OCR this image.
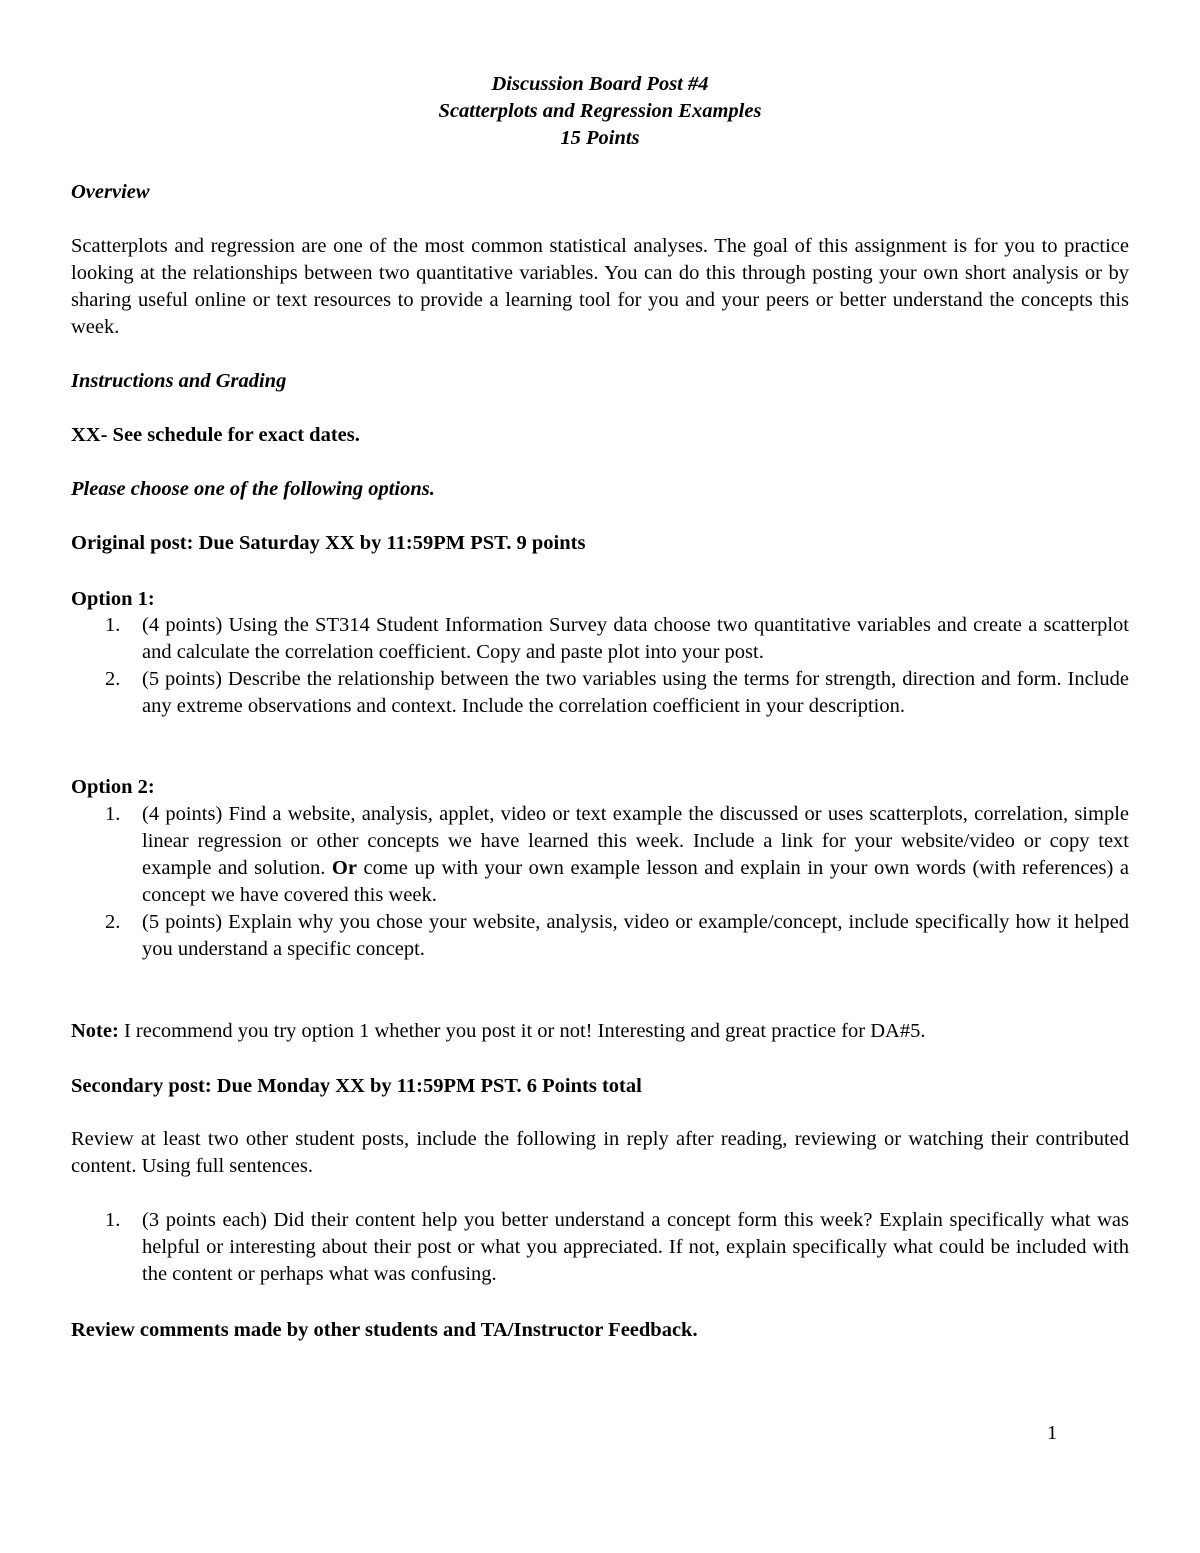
Discussion Board Post #4
Scatterplots and Regression Examples
15 Points
Overview
Scatterplots and regression are one of the most common statistical analyses. The goal of this assignment is for you to practice looking at the relationships between two quantitative variables. You can do this through posting your own short analysis or by sharing useful online or text resources to provide a learning tool for you and your peers or better understand the concepts this week.
Instructions and Grading
XX- See schedule for exact dates.
Please choose one of the following options.
Original post: Due Saturday XX by 11:59PM PST. 9 points
Option 1:
1. (4 points) Using the ST314 Student Information Survey data choose two quantitative variables and create a scatterplot and calculate the correlation coefficient. Copy and paste plot into your post.
2. (5 points) Describe the relationship between the two variables using the terms for strength, direction and form. Include any extreme observations and context. Include the correlation coefficient in your description.
Option 2:
1. (4 points) Find a website, analysis, applet, video or text example the discussed or uses scatterplots, correlation, simple linear regression or other concepts we have learned this week. Include a link for your website/video or copy text example and solution. Or come up with your own example lesson and explain in your own words (with references) a concept we have covered this week.
2. (5 points) Explain why you chose your website, analysis, video or example/concept, include specifically how it helped you understand a specific concept.
Note: I recommend you try option 1 whether you post it or not! Interesting and great practice for DA#5.
Secondary post: Due Monday XX by 11:59PM PST. 6 Points total
Review at least two other student posts, include the following in reply after reading, reviewing or watching their contributed content. Using full sentences.
1. (3 points each) Did their content help you better understand a concept form this week? Explain specifically what was helpful or interesting about their post or what you appreciated. If not, explain specifically what could be included with the content or perhaps what was confusing.
Review comments made by other students and TA/Instructor Feedback.
1
